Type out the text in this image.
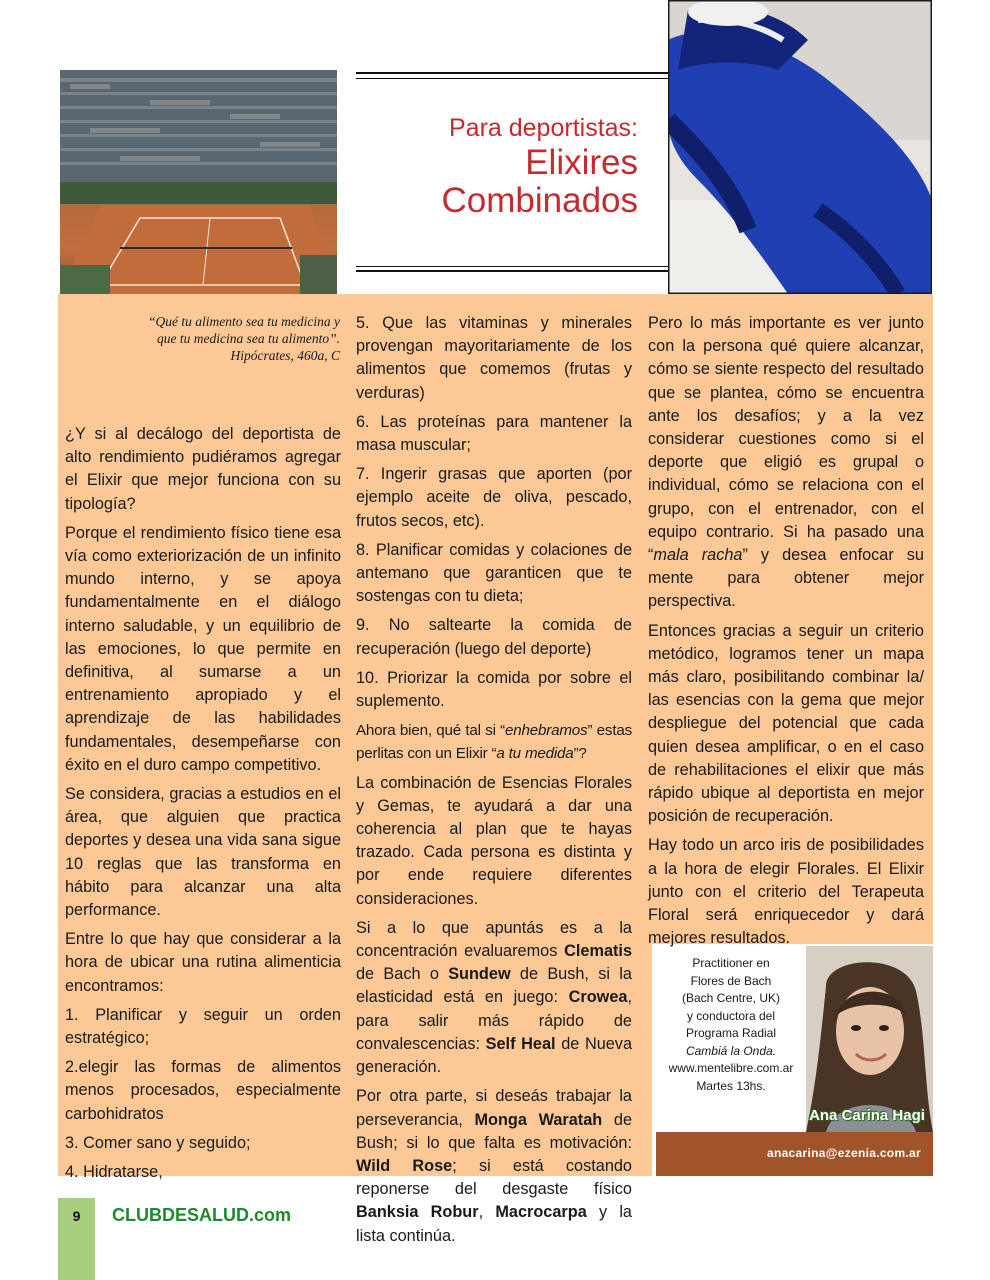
Para deportistas:
Elixires
Combinados

“Qué tu alimento sea tu medicina y

que tu medicina sea tu alimento”.

Hipócrates, 460a, C

¿Y si al decálogo del deportista de alto rendimiento pudiéramos agregar el Elixir que mejor funciona con su tipología?

Porque el rendimiento físico tiene esa vía como exteriorización de un infinito mundo interno, y se apoya fundamentalmente en el diálogo interno saludable, y un equilibrio de las emociones, lo que permite en definitiva, al sumarse a un entrenamiento apropiado y el aprendizaje de las habilidades fundamentales, desempeñarse con éxito en el duro campo competitivo.

Se considera, gracias a estudios en el área, que alguien que practica deportes y desea una vida sana sigue 10 reglas que las transforma en hábito para alcanzar una alta performance.

Entre lo que hay que considerar a la hora de ubicar una rutina alimenticia encontramos:

1. Planificar y seguir un orden estratégico;

2.elegir las formas de alimentos menos procesados, especialmente carbohidratos

3. Comer sano y seguido;

4. Hidratarse,

5. Que las vitaminas y minerales provengan mayoritariamente de los alimentos que comemos (frutas y verduras)

6. Las proteínas para mantener la masa muscular;

7. Ingerir grasas que aporten (por ejemplo aceite de oliva, pescado, frutos secos, etc).

8. Planificar comidas y colaciones de antemano que garanticen que te sostengas con tu dieta;

9. No saltearte la comida de recuperación (luego del deporte)

10. Priorizar la comida por sobre el suplemento.

Ahora bien, qué tal si “enhebramos” estas perlitas con un Elixir “a tu medida”?

La combinación de Esencias Florales y Gemas, te ayudará a dar una coherencia al plan que te hayas trazado. Cada persona es distinta y por ende requiere diferentes consideraciones.

Si a lo que apuntás es a la concentración evaluaremos Clematis de Bach o Sundew de Bush, si la elasticidad está en juego: Crowea, para salir más rápido de convalescencias: Self Heal de Nueva generación.

Por otra parte, si deseás trabajar la perseverancia, Monga Waratah de Bush; si lo que falta es motivación: Wild Rose; si está costando reponerse del desgaste físico Banksia Robur, Macrocarpa y la lista continúa.

Pero lo más importante es ver junto con la persona qué quiere alcanzar, cómo se siente respecto del resultado que se plantea, cómo se encuentra ante los desafíos; y a la vez considerar cuestiones como si el deporte que eligió es grupal o individual, cómo se relaciona con el grupo, con el entrenador, con el equipo contrario. Si ha pasado una “mala racha” y desea enfocar su mente para obtener mejor perspectiva.

Entonces gracias a seguir un criterio metódico, logramos tener un mapa más claro, posibilitando combinar la/ las esencias con la gema que mejor despliegue del potencial que cada quien desea amplificar, o en el caso de rehabilitaciones el elixir que más rápido ubique al deportista en mejor posición de recuperación.

Hay todo un arco iris de posibilidades a la hora de elegir Florales. El Elixir junto con el criterio del Terapeuta Floral será enriquecedor y dará mejores resultados.

Practitioner en
Flores de Bach
(Bach Centre, UK)
y conductora del
Programa Radial
Cambiá la Onda.
www.mentelibre.com.ar
Martes 13hs.
Ana Carina Hagi
anacarina@ezenia.com.ar
9	CLUBDESALUD.com
